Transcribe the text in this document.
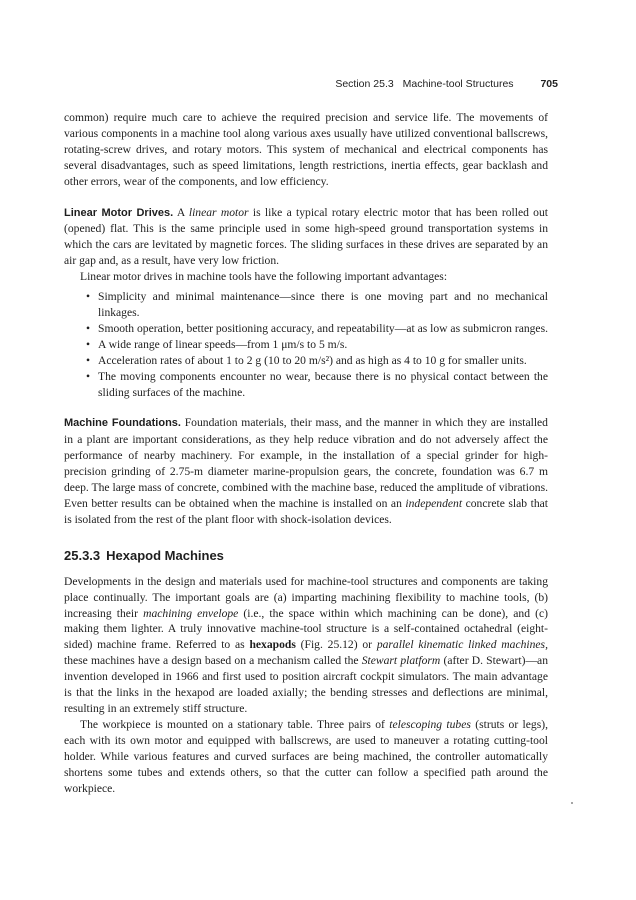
Section 25.3 Machine-tool Structures	705

common) require much care to achieve the required precision and service life. The movements of various components in a machine tool along various axes usually have utilized conventional ballscrews, rotating-screw drives, and rotary motors. This system of mechanical and electrical components has several disadvantages, such as speed limitations, length restrictions, inertia effects, gear backlash and other errors, wear of the components, and low efficiency.

Linear Motor Drives. A linear motor is like a typical rotary electric motor that has been rolled out (opened) flat. This is the same principle used in some high-speed ground transportation systems in which the cars are levitated by magnetic forces. The sliding surfaces in these drives are separated by an air gap and, as a result, have very low friction.

Linear motor drives in machine tools have the following important advantages:

• Simplicity and minimal maintenance—since there is one moving part and no mechanical linkages.
• Smooth operation, better positioning accuracy, and repeatability—at as low as submicron ranges.
• A wide range of linear speeds—from 1 μm/s to 5 m/s.
• Acceleration rates of about 1 to 2 g (10 to 20 m/s²) and as high as 4 to 10 g for smaller units.
• The moving components encounter no wear, because there is no physical contact between the sliding surfaces of the machine.

Machine Foundations. Foundation materials, their mass, and the manner in which they are installed in a plant are important considerations, as they help reduce vibration and do not adversely affect the performance of nearby machinery. For example, in the installation of a special grinder for high-precision grinding of 2.75-m diameter marine-propulsion gears, the concrete, foundation was 6.7 m deep. The large mass of concrete, combined with the machine base, reduced the amplitude of vibrations. Even better results can be obtained when the machine is installed on an independent concrete slab that is isolated from the rest of the plant floor with shock-isolation devices.

25.3.3 Hexapod Machines

Developments in the design and materials used for machine-tool structures and components are taking place continually. The important goals are (a) imparting machining flexibility to machine tools, (b) increasing their machining envelope (i.e., the space within which machining can be done), and (c) making them lighter. A truly innovative machine-tool structure is a self-contained octahedral (eight-sided) machine frame. Referred to as hexapods (Fig. 25.12) or parallel kinematic linked machines, these machines have a design based on a mechanism called the Stewart platform (after D. Stewart)—an invention developed in 1966 and first used to position aircraft cockpit simulators. The main advantage is that the links in the hexapod are loaded axially; the bending stresses and deflections are minimal, resulting in an extremely stiff structure.

The workpiece is mounted on a stationary table. Three pairs of telescoping tubes (struts or legs), each with its own motor and equipped with ballscrews, are used to maneuver a rotating cutting-tool holder. While various features and curved surfaces are being machined, the controller automatically shortens some tubes and extends others, so that the cutter can follow a specified path around the workpiece.
